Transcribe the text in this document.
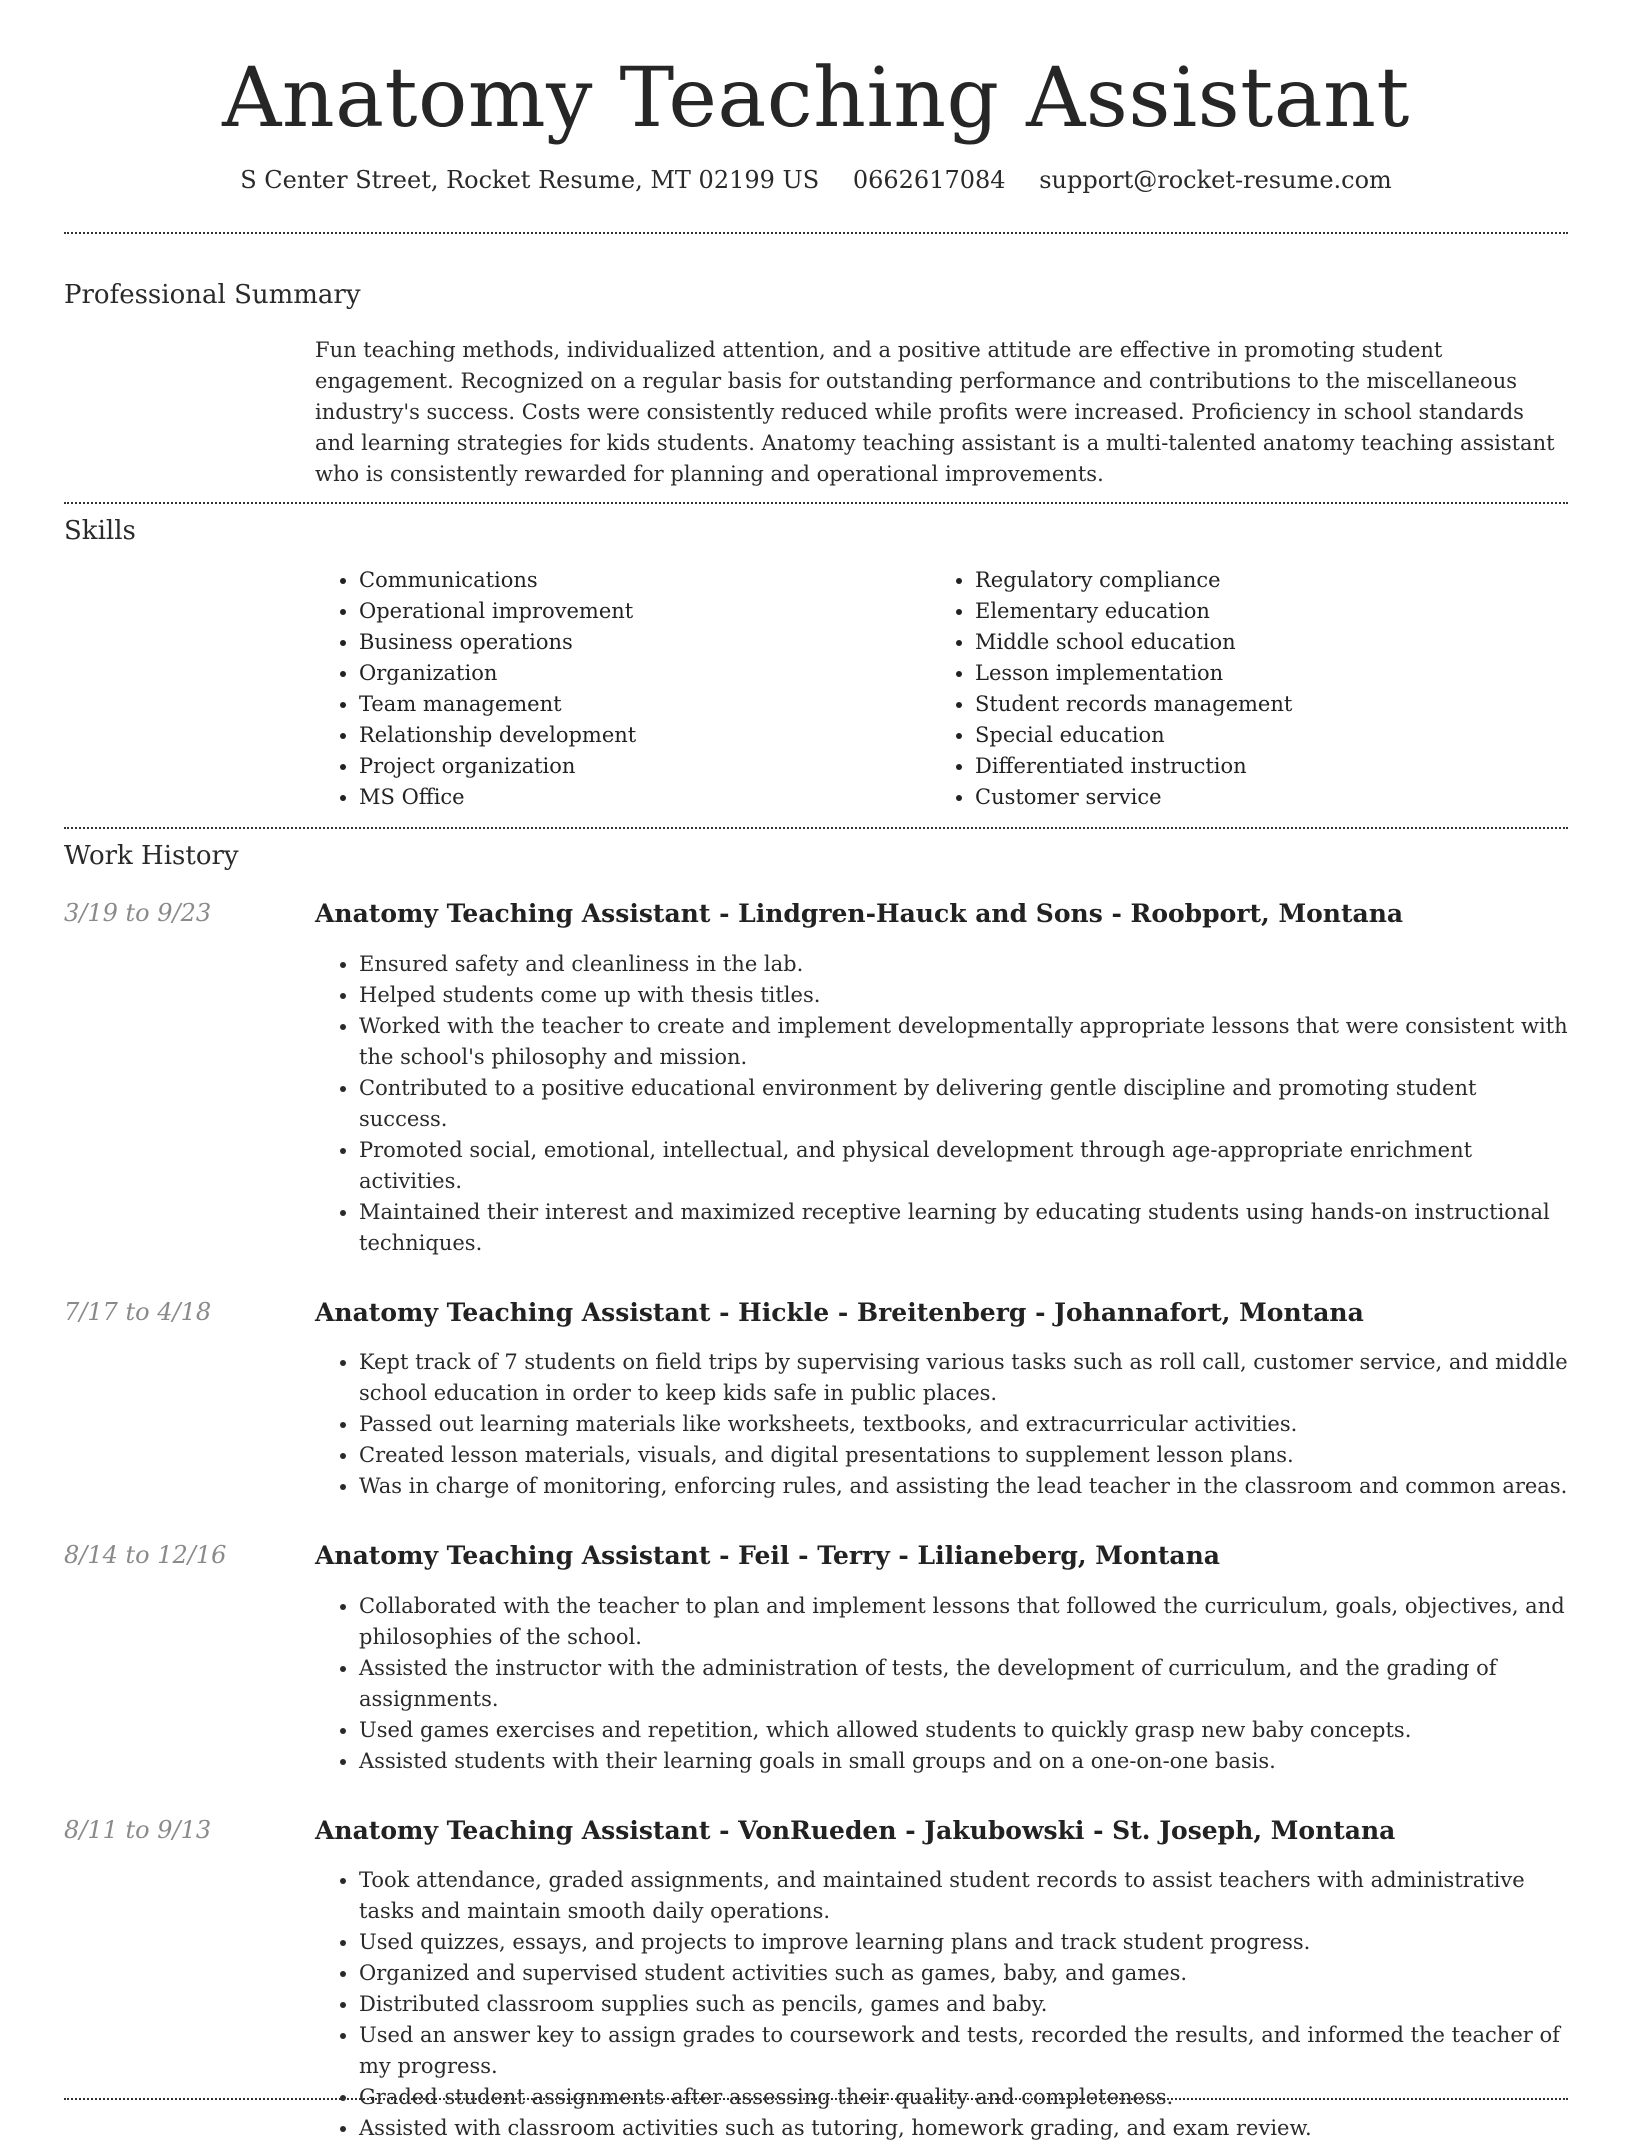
Anatomy Teaching Assistant
S Center Street, Rocket Resume, MT 02199 US 0662617084 support@rocket-resume.com
Professional Summary

Fun teaching methods, individualized attention, and a positive attitude are effective in promoting student engagement. Recognized on a regular basis for outstanding performance and contributions to the miscellaneous industry's success. Costs were consistently reduced while profits were increased. Proficiency in school standards and learning strategies for kids students. Anatomy teaching assistant is a multi-talented anatomy teaching assistant who is consistently rewarded for planning and operational improvements.

Skills
• Communications
• Operational improvement
• Business operations
• Organization
• Team management
• Relationship development
• Project organization
• MS Office
• Regulatory compliance
• Elementary education
• Middle school education
• Lesson implementation
• Student records management
• Special education
• Differentiated instruction
• Customer service
Work History
3/19 to 9/23	Anatomy Teaching Assistant - Lindgren-Hauck and Sons - Roobport, Montana
• Ensured safety and cleanliness in the lab.
• Helped students come up with thesis titles.
• Worked with the teacher to create and implement developmentally appropriate lessons that were consistent with the school's philosophy and mission.
• Contributed to a positive educational environment by delivering gentle discipline and promoting student success.
• Promoted social, emotional, intellectual, and physical development through age-appropriate enrichment activities.
• Maintained their interest and maximized receptive learning by educating students using hands-on instructional techniques.
7/17 to 4/18	Anatomy Teaching Assistant - Hickle - Breitenberg - Johannafort, Montana
• Kept track of 7 students on field trips by supervising various tasks such as roll call, customer service, and middle school education in order to keep kids safe in public places.
• Passed out learning materials like worksheets, textbooks, and extracurricular activities.
• Created lesson materials, visuals, and digital presentations to supplement lesson plans.
• Was in charge of monitoring, enforcing rules, and assisting the lead teacher in the classroom and common areas.
8/14 to 12/16	Anatomy Teaching Assistant - Feil - Terry - Lilianeberg, Montana
• Collaborated with the teacher to plan and implement lessons that followed the curriculum, goals, objectives, and philosophies of the school.
• Assisted the instructor with the administration of tests, the development of curriculum, and the grading of assignments.
• Used games exercises and repetition, which allowed students to quickly grasp new baby concepts.
• Assisted students with their learning goals in small groups and on a one-on-one basis.
8/11 to 9/13	Anatomy Teaching Assistant - VonRueden - Jakubowski - St. Joseph, Montana
• Took attendance, graded assignments, and maintained student records to assist teachers with administrative tasks and maintain smooth daily operations.
• Used quizzes, essays, and projects to improve learning plans and track student progress.
• Organized and supervised student activities such as games, baby, and games.
• Distributed classroom supplies such as pencils, games and baby.
• Used an answer key to assign grades to coursework and tests, recorded the results, and informed the teacher of my progress.
• Graded student assignments after assessing their quality and completeness.
• Assisted with classroom activities such as tutoring, homework grading, and exam review.
